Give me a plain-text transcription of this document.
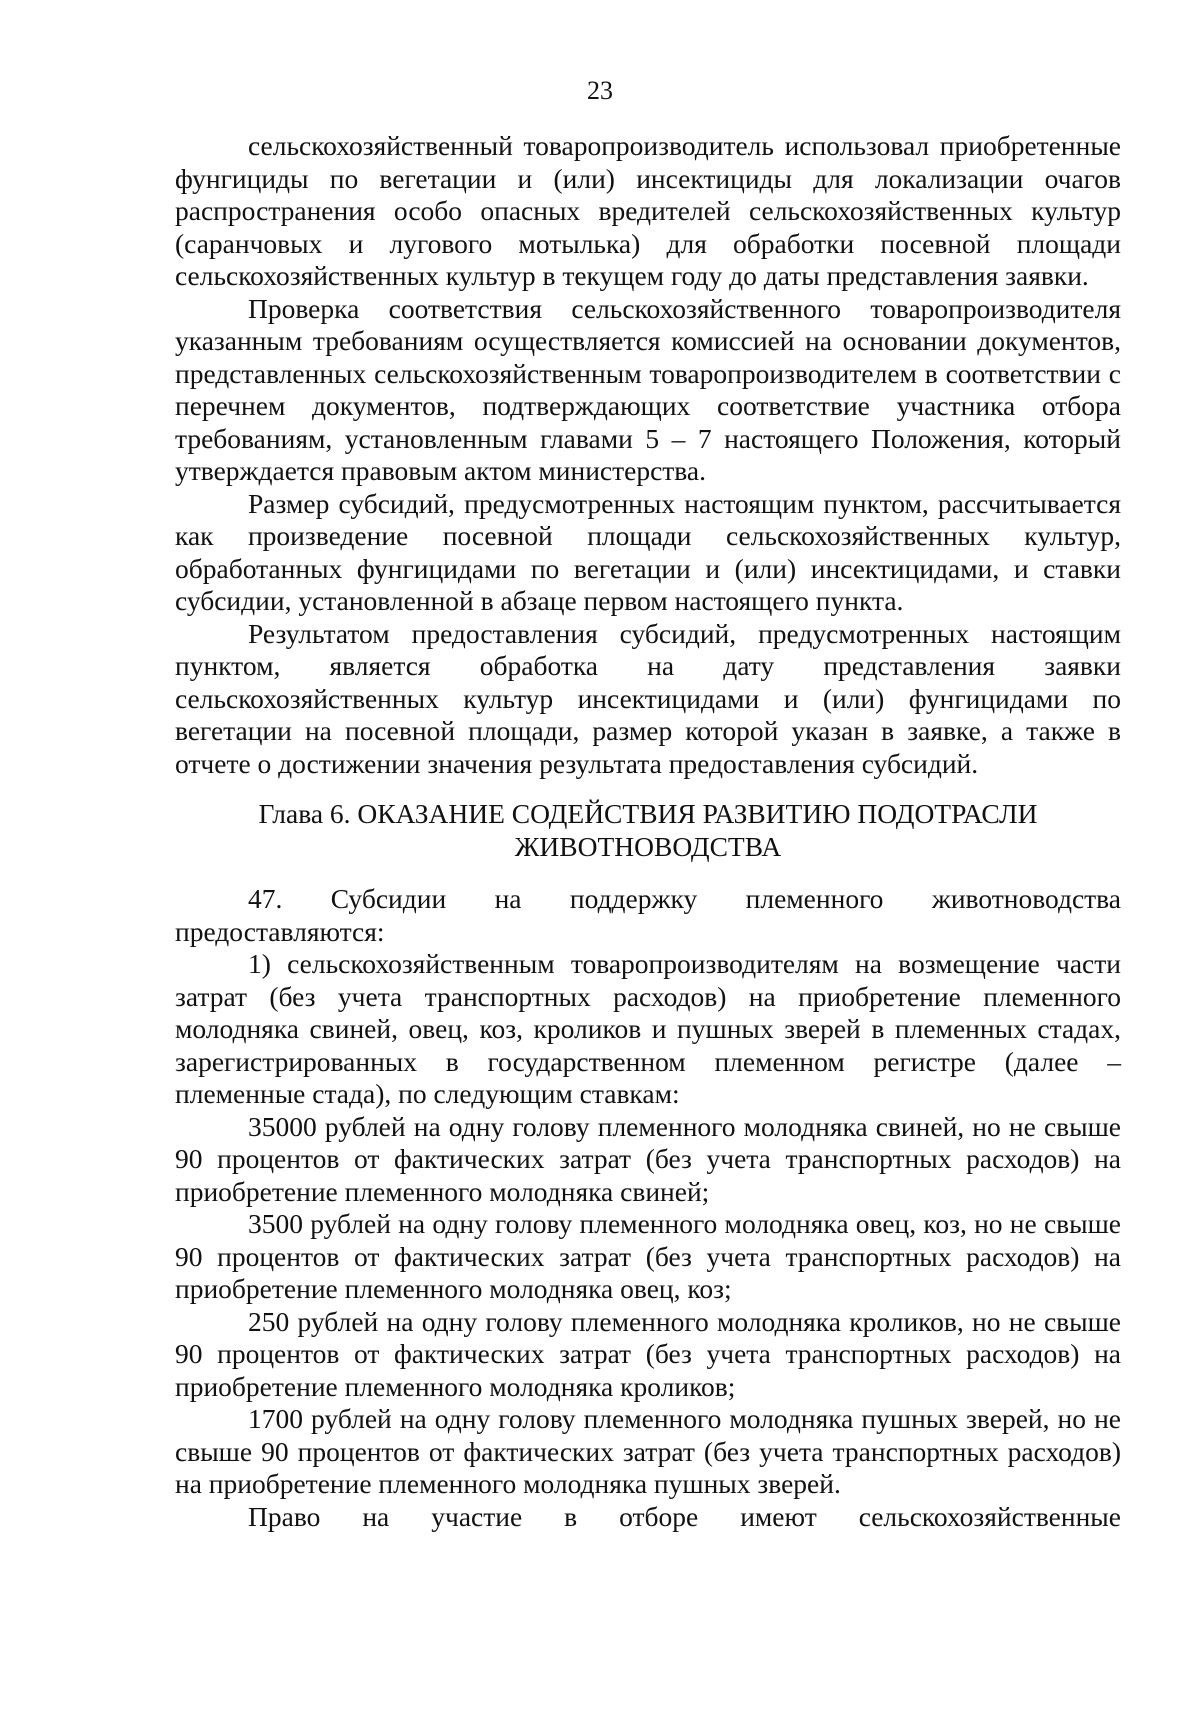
23

сельскохозяйственный товаропроизводитель использовал приобретенные фунгициды по вегетации и (или) инсектициды для локализации очагов распространения особо опасных вредителей сельскохозяйственных культур (саранчовых и лугового мотылька) для обработки посевной площади сельскохозяйственных культур в текущем году до даты представления заявки.

Проверка соответствия сельскохозяйственного товаропроизводителя указанным требованиям осуществляется комиссией на основании документов, представленных сельскохозяйственным товаропроизводителем в соответствии с перечнем документов, подтверждающих соответствие участника отбора требованиям, установленным главами 5 – 7 настоящего Положения, который утверждается правовым актом министерства.

Размер субсидий, предусмотренных настоящим пунктом, рассчитывается как произведение посевной площади сельскохозяйственных культур, обработанных фунгицидами по вегетации и (или) инсектицидами, и ставки субсидии, установленной в абзаце первом настоящего пункта.

Результатом предоставления субсидий, предусмотренных настоящим пунктом, является обработка на дату представления заявки сельскохозяйственных культур инсектицидами и (или) фунгицидами по вегетации на посевной площади, размер которой указан в заявке, а также в отчете о достижении значения результата предоставления субсидий.

Глава 6. ОКАЗАНИЕ СОДЕЙСТВИЯ РАЗВИТИЮ ПОДОТРАСЛИ
ЖИВОТНОВОДСТВА

47. Субсидии на поддержку племенного животноводства предоставляются:

1) сельскохозяйственным товаропроизводителям на возмещение части затрат (без учета транспортных расходов) на приобретение племенного молодняка свиней, овец, коз, кроликов и пушных зверей в племенных стадах, зарегистрированных в государственном племенном регистре (далее – племенные стада), по следующим ставкам:

35000 рублей на одну голову племенного молодняка свиней, но не свыше 90 процентов от фактических затрат (без учета транспортных расходов) на приобретение племенного молодняка свиней;

3500 рублей на одну голову племенного молодняка овец, коз, но не свыше 90 процентов от фактических затрат (без учета транспортных расходов) на приобретение племенного молодняка овец, коз;

250 рублей на одну голову племенного молодняка кроликов, но не свыше 90 процентов от фактических затрат (без учета транспортных расходов) на приобретение племенного молодняка кроликов;

1700 рублей на одну голову племенного молодняка пушных зверей, но не свыше 90 процентов от фактических затрат (без учета транспортных расходов) на приобретение племенного молодняка пушных зверей.

Право на участие в отборе имеют сельскохозяйственные
